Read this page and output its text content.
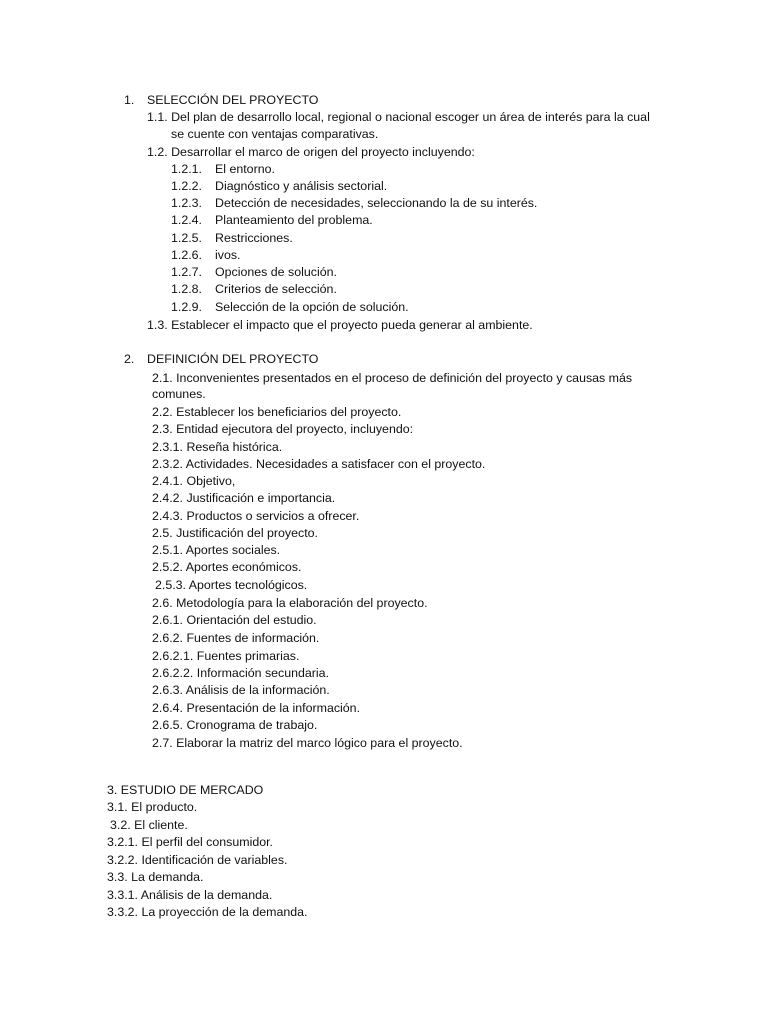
1. SELECCIÓN DEL PROYECTO
1.1. Del plan de desarrollo local, regional o nacional escoger un área de interés para la cual
se cuente con ventajas comparativas.
1.2. Desarrollar el marco de origen del proyecto incluyendo:
1.2.1. El entorno.
1.2.2. Diagnóstico y análisis sectorial.
1.2.3. Detección de necesidades, seleccionando la de su interés.
1.2.4. Planteamiento del problema.
1.2.5. Restricciones.
1.2.6. ivos.
1.2.7. Opciones de solución.
1.2.8. Criterios de selección.
1.2.9. Selección de la opción de solución.
1.3. Establecer el impacto que el proyecto pueda generar al ambiente.
2. DEFINICIÓN DEL PROYECTO
2.1. Inconvenientes presentados en el proceso de definición del proyecto y causas más
comunes.
2.2. Establecer los beneficiarios del proyecto.
2.3. Entidad ejecutora del proyecto, incluyendo:
2.3.1. Reseña histórica.
2.3.2. Actividades. Necesidades a satisfacer con el proyecto.
2.4.1. Objetivo,
2.4.2. Justificación e importancia.
2.4.3. Productos o servicios a ofrecer.
2.5. Justificación del proyecto.
2.5.1. Aportes sociales.
2.5.2. Aportes económicos.
2.5.3. Aportes tecnológicos.
2.6. Metodología para la elaboración del proyecto.
2.6.1. Orientación del estudio.
2.6.2. Fuentes de información.
2.6.2.1. Fuentes primarias.
2.6.2.2. Información secundaria.
2.6.3. Análisis de la información.
2.6.4. Presentación de la información.
2.6.5. Cronograma de trabajo.
2.7. Elaborar la matriz del marco lógico para el proyecto.
3. ESTUDIO DE MERCADO
3.1. El producto.
3.2. El cliente.
3.2.1. El perfil del consumidor.
3.2.2. Identificación de variables.
3.3. La demanda.
3.3.1. Análisis de la demanda.
3.3.2. La proyección de la demanda.
